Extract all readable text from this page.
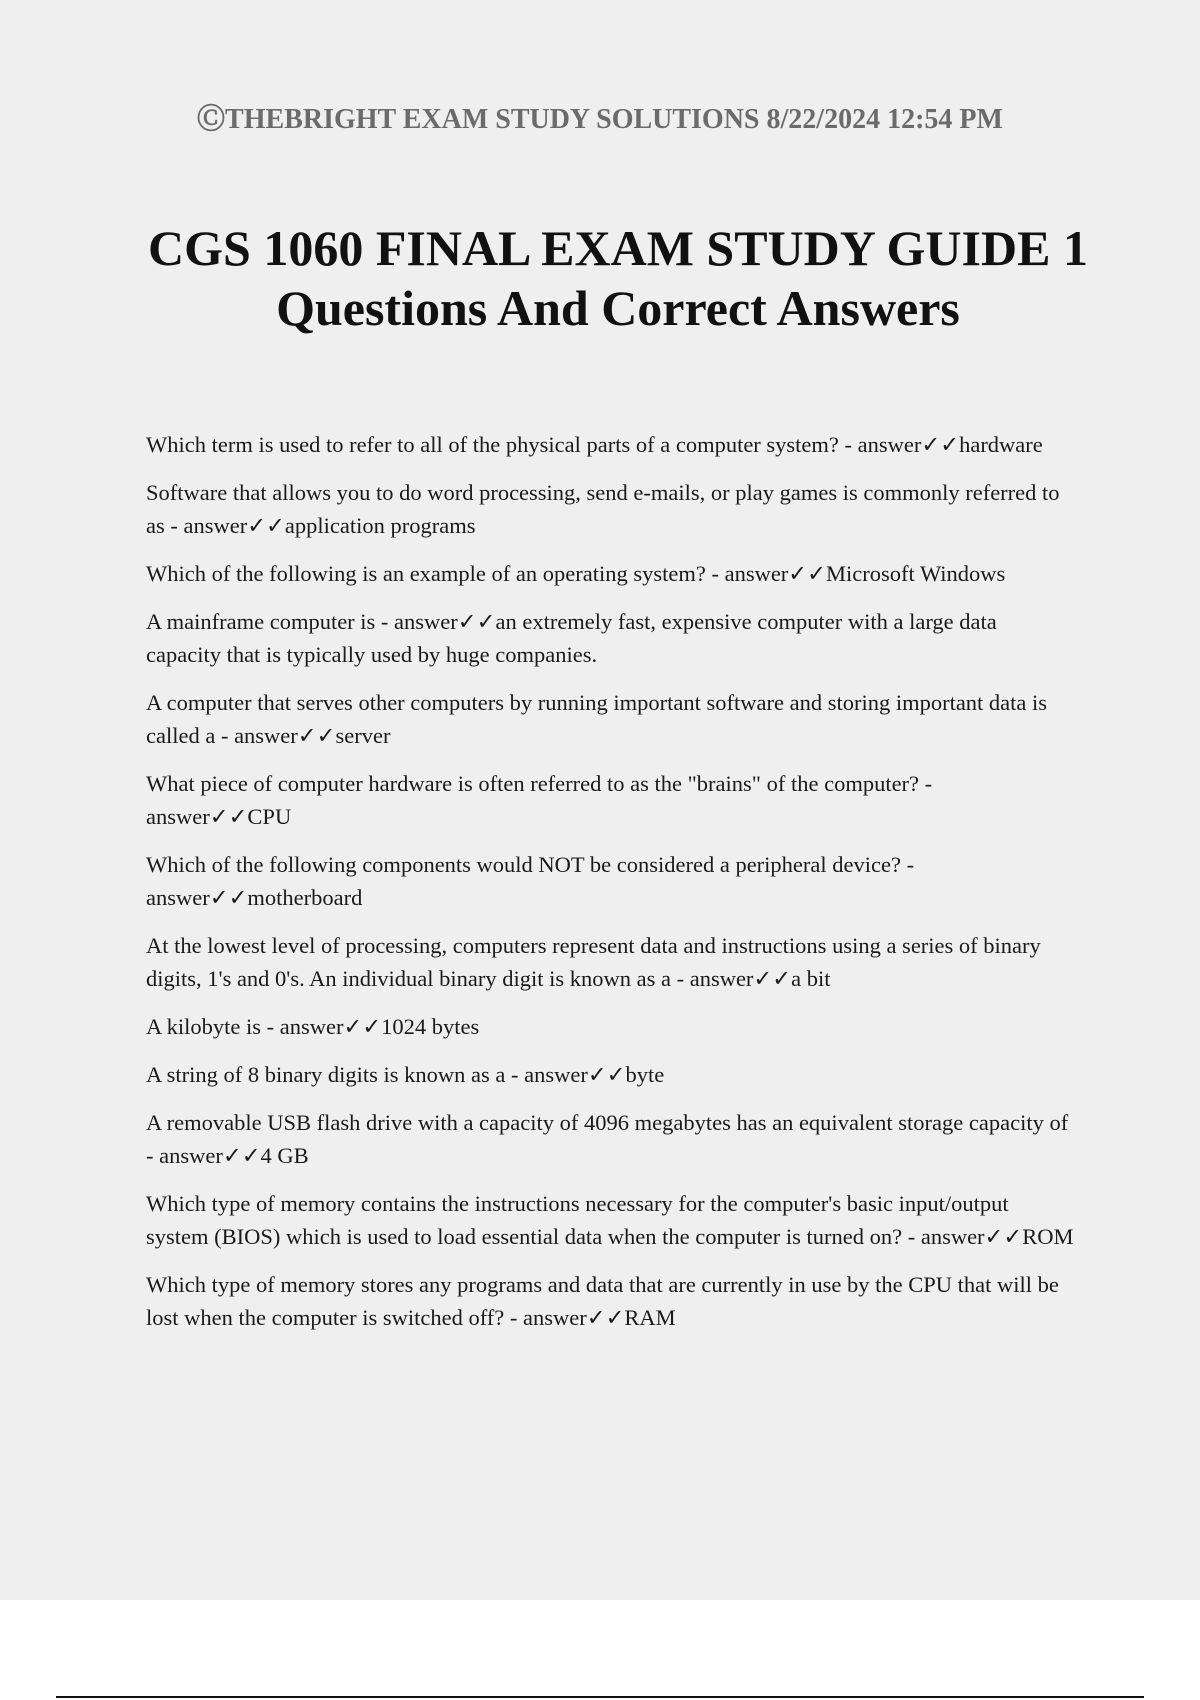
ⒸTHEBRIGHT EXAM STUDY SOLUTIONS 8/22/2024 12:54 PM
CGS 1060 FINAL EXAM STUDY GUIDE 1
Questions And Correct Answers
Which term is used to refer to all of the physical parts of a computer system? - answer✓✓hardware
Software that allows you to do word processing, send e-mails, or play games is commonly referred to as - answer✓✓application programs
Which of the following is an example of an operating system? - answer✓✓Microsoft Windows
A mainframe computer is - answer✓✓an extremely fast, expensive computer with a large data capacity that is typically used by huge companies.
A computer that serves other computers by running important software and storing important data is called a - answer✓✓server
What piece of computer hardware is often referred to as the "brains" of the computer? - answer✓✓CPU
Which of the following components would NOT be considered a peripheral device? - answer✓✓motherboard
At the lowest level of processing, computers represent data and instructions using a series of binary digits, 1's and 0's. An individual binary digit is known as a - answer✓✓a bit
A kilobyte is - answer✓✓1024 bytes
A string of 8 binary digits is known as a - answer✓✓byte
A removable USB flash drive with a capacity of 4096 megabytes has an equivalent storage capacity of - answer✓✓4 GB
Which type of memory contains the instructions necessary for the computer's basic input/output system (BIOS) which is used to load essential data when the computer is turned on? - answer✓✓ROM
Which type of memory stores any programs and data that are currently in use by the CPU that will be lost when the computer is switched off? - answer✓✓RAM
